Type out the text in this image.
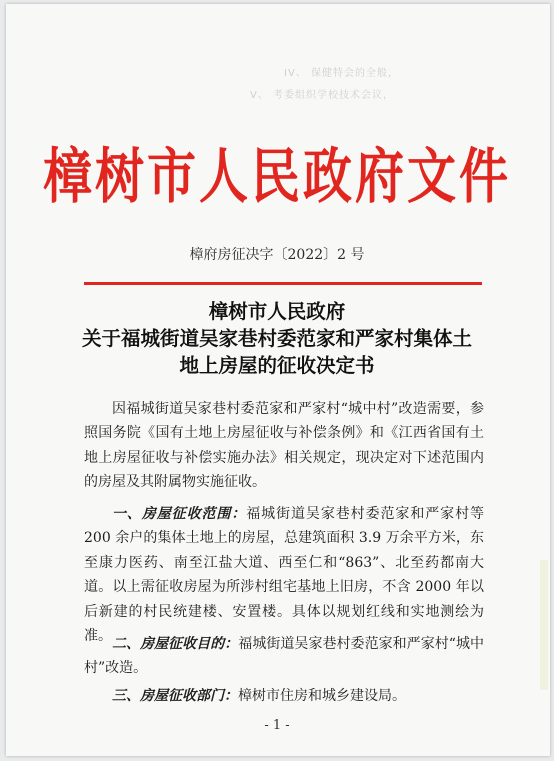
IV、 保健特会的全般，
V、 考委组织学校技术会议，
樟树市人民政府文件
樟府房征决字〔2022〕2 号
樟树市人民政府
关于福城街道吴家巷村委范家和严家村集体土
地上房屋的征收决定书
因福城街道吴家巷村委范家和严家村“城中村”改造需要，参照国务院《国有土地上房屋征收与补偿条例》和《江西省国有土地上房屋征收与补偿实施办法》相关规定，现决定对下述范围内的房屋及其附属物实施征收。
一、房屋征收范围：福城街道吴家巷村委范家和严家村等 200 余户的集体土地上的房屋，总建筑面积 3.9 万余平方米，东至康力医药、南至江盐大道、西至仁和“863”、北至药都南大道。以上需征收房屋为所涉村组宅基地上旧房，不含 2000 年以后新建的村民统建楼、安置楼。具体以规划红线和实地测绘为准。 二、房屋征收目的：福城街道吴家巷村委范家和严家村“城中村”改造。
三、房屋征收部门：樟树市住房和城乡建设局。
- 1 -
